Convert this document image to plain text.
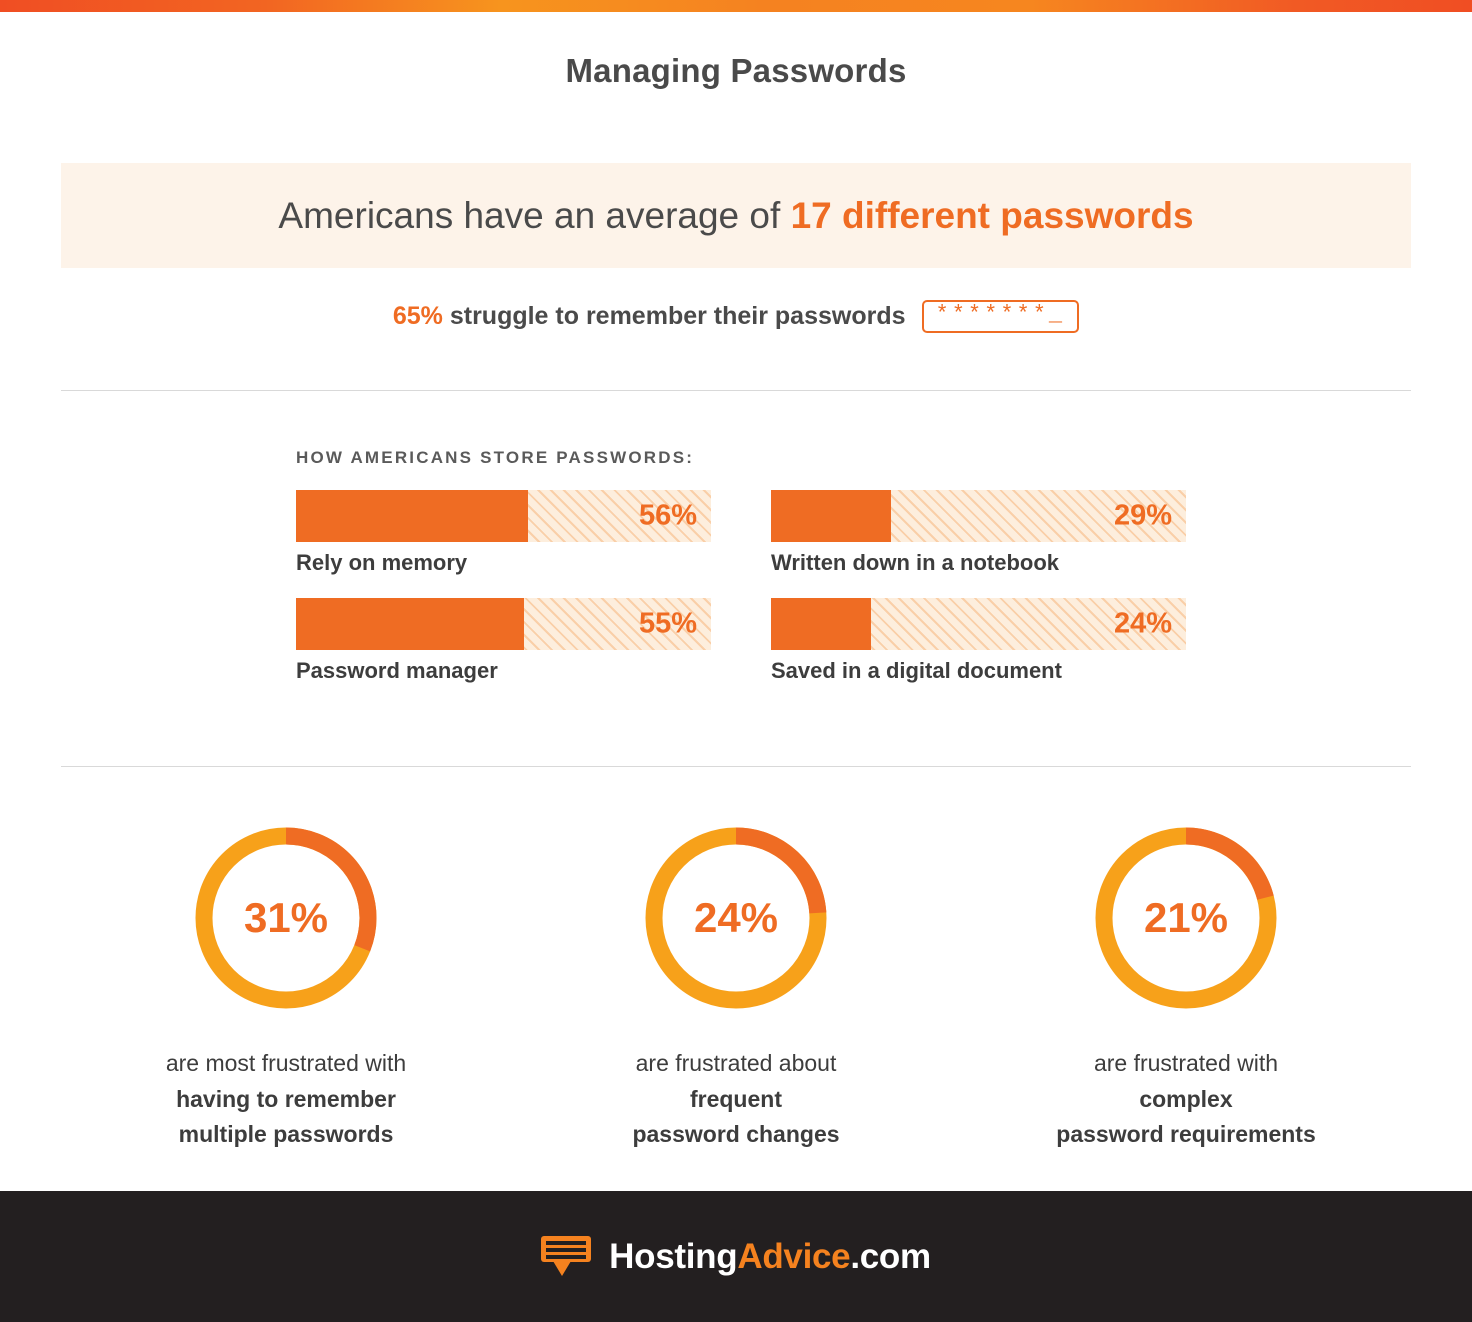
Managing Passwords
Americans have an average of 17 different passwords
65% struggle to remember their passwords	*******_
HOW AMERICANS STORE PASSWORDS:
56%
Rely on memory
29%
Written down in a notebook
55%
Password manager
24%
Saved in a digital document
31%
are most frustrated with
having to remember
multiple passwords
24%
are frustrated about
frequent
password changes
21%
are frustrated with
complex
password requirements
HostingAdvice.com
